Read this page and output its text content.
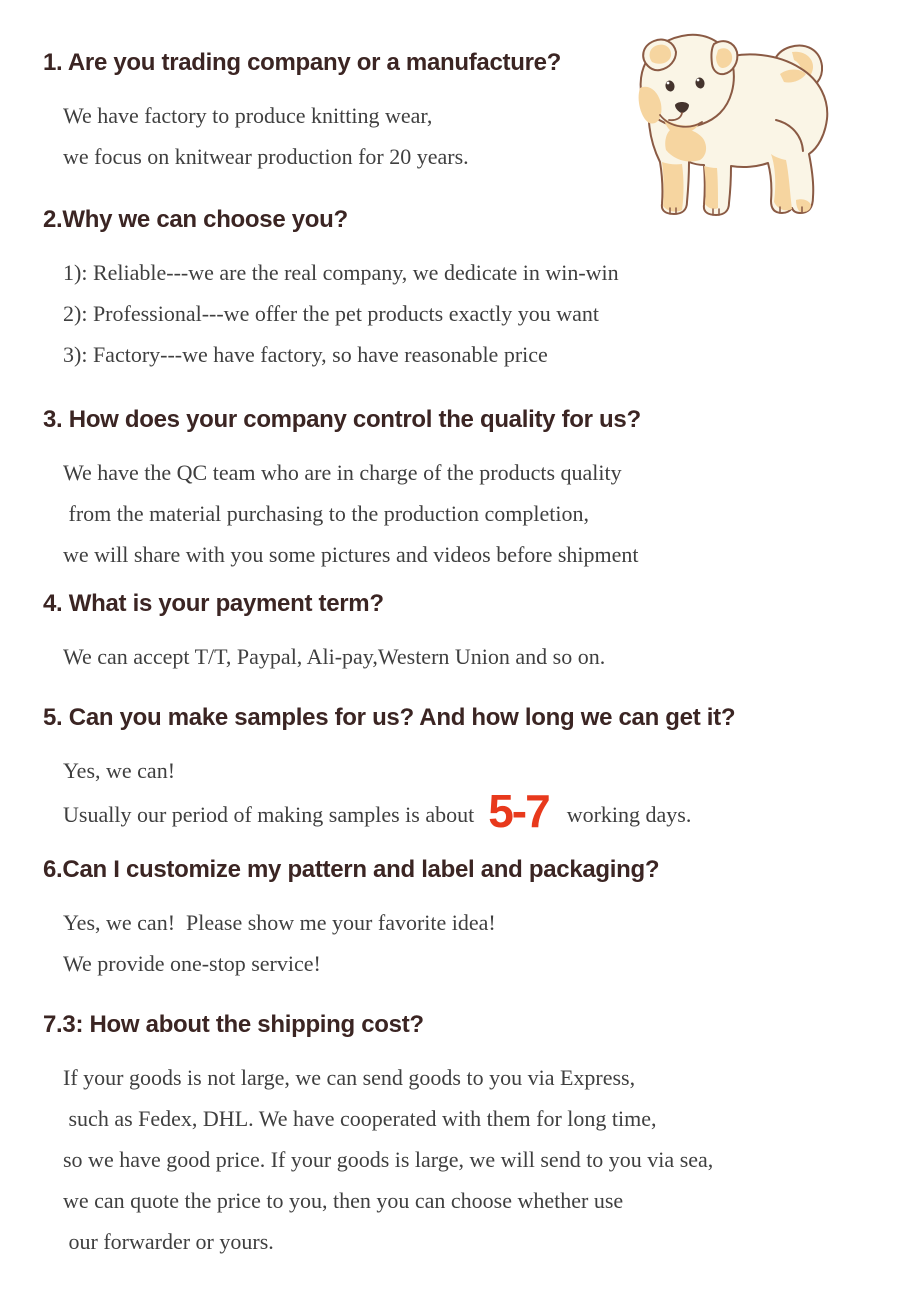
1. Are you trading company or a manufacture?

We have factory to produce knitting wear,

we focus on knitwear production for 20 years.

2.Why we can choose you?

1): Reliable---we are the real company, we dedicate in win-win

2): Professional---we offer the pet products exactly you want

3): Factory---we have factory, so have reasonable price

3. How does your company control the quality for us?

We have the QC team who are in charge of the products quality

from the material purchasing to the production completion,

we will share with you some pictures and videos before shipment

4. What is your payment term?

We can accept T/T, Paypal, Ali-pay,Western Union and so on.

5. Can you make samples for us? And how long we can get it?

Yes, we can!

Usually our period of making samples is about 5-7 working days.

6.Can I customize my pattern and label and packaging?

Yes, we can!  Please show me your favorite idea!

We provide one-stop service!

7.3: How about the shipping cost?

If your goods is not large, we can send goods to you via Express,

such as Fedex, DHL. We have cooperated with them for long time,

so we have good price. If your goods is large, we will send to you via sea,

we can quote the price to you, then you can choose whether use

our forwarder or yours.
